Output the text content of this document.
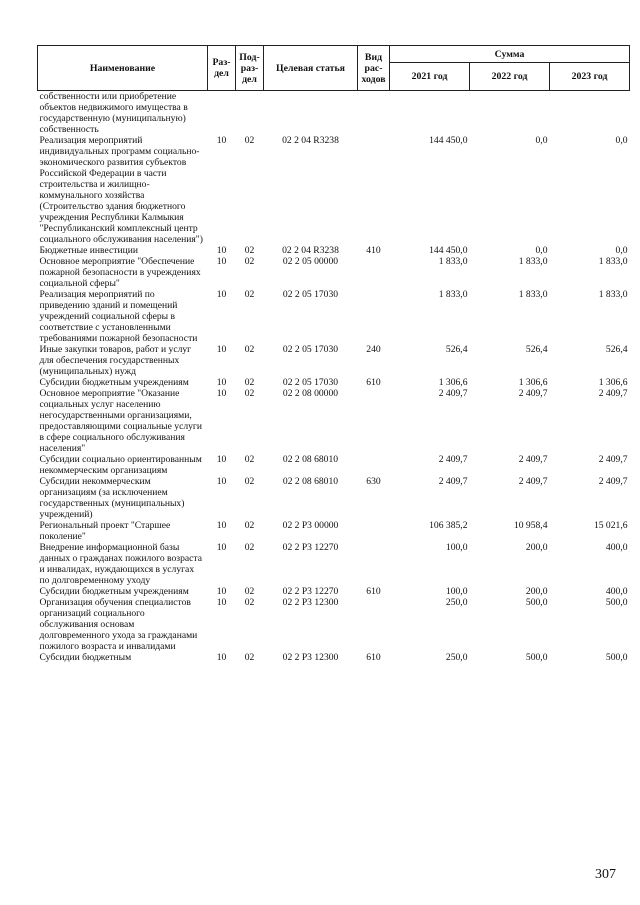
Наименование	Раз-дел	Под-раз-дел	Целевая статья	Вид рас-ходов	Сумма		
					2021 год	2022 год	2023 год
собственности или приобретение объектов недвижимого имущества в государственную (муниципальную) собственность							
Реализация мероприятий индивидуальных программ социально-экономического развития субъектов Российской Федерации в части строительства и жилищно-коммунального хозяйства (Строительство здания бюджетного учреждения Республики Калмыкия "Республиканский комплексный центр социального обслуживания населения")	10	02	02 2 04 R3238		144 450,0	0,0	0,0
Бюджетные инвестиции	10	02	02 2 04 R3238	410	144 450,0	0,0	0,0
Основное мероприятие "Обеспечение пожарной безопасности в учреждениях социальной сферы"	10	02	02 2 05 00000		1 833,0	1 833,0	1 833,0
Реализация мероприятий по приведению зданий и помещений учреждений социальной сферы в соответствие с установленными требованиями пожарной безопасности	10	02	02 2 05 17030		1 833,0	1 833,0	1 833,0
Иные закупки товаров, работ и услуг для обеспечения государственных (муниципальных) нужд	10	02	02 2 05 17030	240	526,4	526,4	526,4
Субсидии бюджетным учреждениям	10	02	02 2 05 17030	610	1 306,6	1 306,6	1 306,6
Основное мероприятие "Оказание социальных услуг населению негосударственными организациями, предоставляющими социальные услуги в сфере социального обслуживания населения"	10	02	02 2 08 00000		2 409,7	2 409,7	2 409,7
Субсидии социально ориентированным некоммерческим организациям	10	02	02 2 08 68010		2 409,7	2 409,7	2 409,7
Субсидии некоммерческим организациям (за исключением государственных (муниципальных) учреждений)	10	02	02 2 08 68010	630	2 409,7	2 409,7	2 409,7
Региональный проект "Старшее поколение"	10	02	02 2 P3 00000		106 385,2	10 958,4	15 021,6
Внедрение информационной базы данных о гражданах пожилого возраста и инвалидах, нуждающихся в услугах по долговременному уходу	10	02	02 2 P3 12270		100,0	200,0	400,0
Субсидии бюджетным учреждениям	10	02	02 2 P3 12270	610	100,0	200,0	400,0
Организация обучения специалистов организаций социального обслуживания основам долговременного ухода за гражданами пожилого возраста и инвалидами	10	02	02 2 P3 12300		250,0	500,0	500,0
Субсидии бюджетным	10	02	02 2 P3 12300	610	250,0	500,0	500,0
307
